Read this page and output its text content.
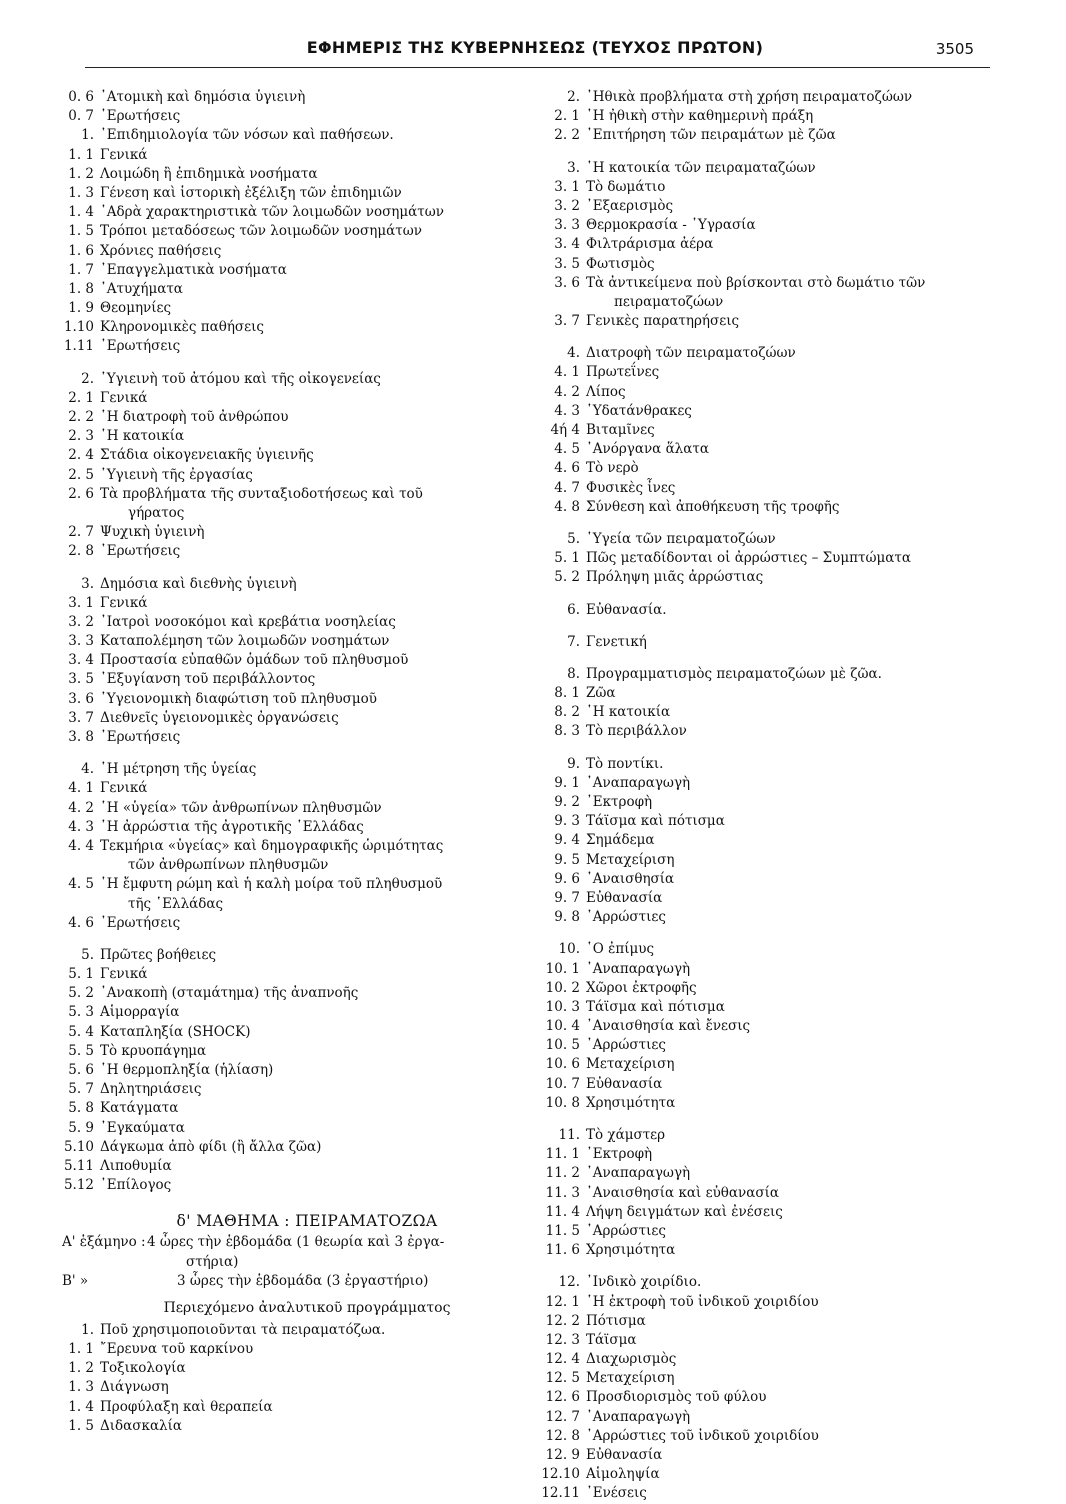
ΕΦΗΜΕΡΙΣ ΤΗΣ ΚΥΒΕΡΝΗΣΕΩΣ (ΤΕΥΧΟΣ ΠΡΩΤΟΝ)	3505
0. 6 ᾿Ατομικὴ καὶ δημόσια ὑγιεινὴ
0. 7 ᾿Ερωτήσεις
1. ᾿Επιδημιολογία τῶν νόσων καὶ παθήσεων.
1. 1 Γενικά
1. 2 Λοιμώδη ἢ ἐπιδημικὰ νοσήματα
1. 3 Γένεση καὶ ἱστορικὴ ἐξέλιξη τῶν ἐπιδημιῶν
1. 4 ᾿Αδρὰ χαρακτηριστικὰ τῶν λοιμωδῶν νοσημάτων
1. 5 Τρόποι μεταδόσεως τῶν λοιμωδῶν νοσημάτων
1. 6 Χρόνιες παθήσεις
1. 7 ᾿Επαγγελματικὰ νοσήματα
1. 8 ᾿Ατυχήματα
1. 9 Θεομηνίες
1.10 Κληρονομικὲς παθήσεις
1.11 ᾿Ερωτήσεις
2. ῾Υγιεινὴ τοῦ ἀτόμου καὶ τῆς οἰκογενείας
2. 1 Γενικά
2. 2 ῾Η διατροφὴ τοῦ ἀνθρώπου
2. 3 ῾Η κατοικία
2. 4 Στάδια οἰκογενειακῆς ὑγιεινῆς
2. 5 ῾Υγιεινὴ τῆς ἐργασίας
2. 6 Τὰ προβλήματα τῆς συνταξιοδοτήσεως καὶ τοῦ
γήρατος
2. 7 Ψυχικὴ ὑγιεινὴ
2. 8 ᾿Ερωτήσεις
3. Δημόσια καὶ διεθνὴς ὑγιεινὴ
3. 1 Γενικά
3. 2 ᾿Ιατροὶ νοσοκόμοι καὶ κρεβάτια νοσηλείας
3. 3 Καταπολέμηση τῶν λοιμωδῶν νοσημάτων
3. 4 Προστασία εὐπαθῶν ὁμάδων τοῦ πληθυσμοῦ
3. 5 ᾿Εξυγίανση τοῦ περιβάλλοντος
3. 6 ῾Υγειονομικὴ διαφώτιση τοῦ πληθυσμοῦ
3. 7 Διεθνεῖς ὑγειονομικὲς ὀργανώσεις
3. 8 ᾿Ερωτήσεις
4. ῾Η μέτρηση τῆς ὑγείας
4. 1 Γενικά
4. 2 ῾Η «ὑγεία» τῶν ἀνθρωπίνων πληθυσμῶν
4. 3 ῾Η ἀρρώστια τῆς ἀγροτικῆς ῾Ελλάδας
4. 4 Τεκμήρια «ὑγείας» καὶ δημογραφικῆς ὡριμότητας
τῶν ἀνθρωπίνων πληθυσμῶν
4. 5 ῾Η ἔμφυτη ρώμη καὶ ἡ καλὴ μοίρα τοῦ πληθυσμοῦ
τῆς ῾Ελλάδας
4. 6 ᾿Ερωτήσεις
5. Πρῶτες βοήθειες
5. 1 Γενικά
5. 2 ᾿Ανακοπὴ (σταμάτημα) τῆς ἀναπνοῆς
5. 3 Αἱμορραγία
5. 4 Καταπληξία (SHOCK)
5. 5 Τὸ κρυοπάγημα
5. 6 ῾Η θερμοπληξία (ἡλίαση)
5. 7 Δηλητηριάσεις
5. 8 Κατάγματα
5. 9 ᾿Εγκαύματα
5.10 Δάγκωμα ἀπὸ φίδι (ἢ ἄλλα ζῶα)
5.11 Λιποθυμία
5.12 ᾿Επίλογος
δ' ΜΑΘΗΜΑ : ΠΕΙΡΑΜΑΤΟΖΩΑ
Α' ἑξάμηνο : 4 ὧρες τὴν ἑβδομάδα (1 θεωρία καὶ 3 ἐργα-
στήρια)
Β' »	3 ὧρες τὴν ἑβδομάδα (3 ἐργαστήριο)
Περιεχόμενο ἀναλυτικοῦ προγράμματος
1. Ποῦ χρησιμοποιοῦνται τὰ πειραματόζωα.
1. 1 ῎Ερευνα τοῦ καρκίνου
1. 2 Τοξικολογία
1. 3 Διάγνωση
1. 4 Προφύλαξη καὶ θεραπεία
1. 5 Διδασκαλία
2. ᾿Ηθικὰ προβλήματα στὴ χρήση πειραματοζώων
2. 1 ῾Η ἠθικὴ στὴν καθημερινὴ πράξη
2. 2 ᾿Επιτήρηση τῶν πειραμάτων μὲ ζῶα
3. ῾Η κατοικία τῶν πειραματαζώων
3. 1 Τὸ δωμάτιο
3. 2 ᾿Εξαερισμὸς
3. 3 Θερμοκρασία - ῾Υγρασία
3. 4 Φιλτράρισμα ἀέρα
3. 5 Φωτισμὸς
3. 6 Τὰ ἀντικείμενα ποὺ βρίσκονται στὸ δωμάτιο τῶν
πειραματοζώων
3. 7 Γενικὲς παρατηρήσεις
4. Διατροφὴ τῶν πειραματοζώων
4. 1 Πρωτεΐνες
4. 2 Λίπος
4. 3 ῾Υδατάνθρακες
4ή 4 Βιταμῖνες
4. 5 ᾿Ανόργανα ἅλατα
4. 6 Τὸ νερὸ
4. 7 Φυσικὲς ἶνες
4. 8 Σύνθεση καὶ ἀποθήκευση τῆς τροφῆς
5. ῾Υγεία τῶν πειραματοζώων
5. 1 Πῶς μεταδίδονται οἱ ἀρρώστιες – Συμπτώματα
5. 2 Πρόληψη μιᾶς ἀρρώστιας
6. Εὐθανασία.
7. Γενετική
8. Προγραμματισμὸς πειραματοζώων μὲ ζῶα.
8. 1 Ζῶα
8. 2 ῾Η κατοικία
8. 3 Τὸ περιβάλλον
9. Τὸ ποντίκι.
9. 1 ᾿Αναπαραγωγὴ
9. 2 ᾿Εκτροφὴ
9. 3 Τάϊσμα καὶ πότισμα
9. 4 Σημάδεμα
9. 5 Μεταχείριση
9. 6 ᾿Αναισθησία
9. 7 Εὐθανασία
9. 8 ᾿Αρρώστιες
10. ῾Ο ἐπίμυς
10. 1 ᾿Αναπαραγωγὴ
10. 2 Χῶροι ἐκτροφῆς
10. 3 Τάϊσμα καὶ πότισμα
10. 4 ᾿Αναισθησία καὶ ἔνεσις
10. 5 ᾿Αρρώστιες
10. 6 Μεταχείριση
10. 7 Εὐθανασία
10. 8 Χρησιμότητα
11. Τὸ χάμστερ
11. 1 ᾿Εκτροφὴ
11. 2 ᾿Αναπαραγωγὴ
11. 3 ᾿Αναισθησία καὶ εὐθανασία
11. 4 Λήψη δειγμάτων καὶ ἐνέσεις
11. 5 ᾿Αρρώστιες
11. 6 Χρησιμότητα
12. ᾿Ινδικὸ χοιρίδιο.
12. 1 ῾Η ἐκτροφὴ τοῦ ἰνδικοῦ χοιριδίου
12. 2 Πότισμα
12. 3 Τάϊσμα
12. 4 Διαχωρισμὸς
12. 5 Μεταχείριση
12. 6 Προσδιορισμὸς τοῦ φύλου
12. 7 ᾿Αναπαραγωγὴ
12. 8 ᾿Αρρώστιες τοῦ ἰνδικοῦ χοιριδίου
12. 9 Εὐθανασία
12.10 Αἱμοληψία
12.11 ᾿Ενέσεις
